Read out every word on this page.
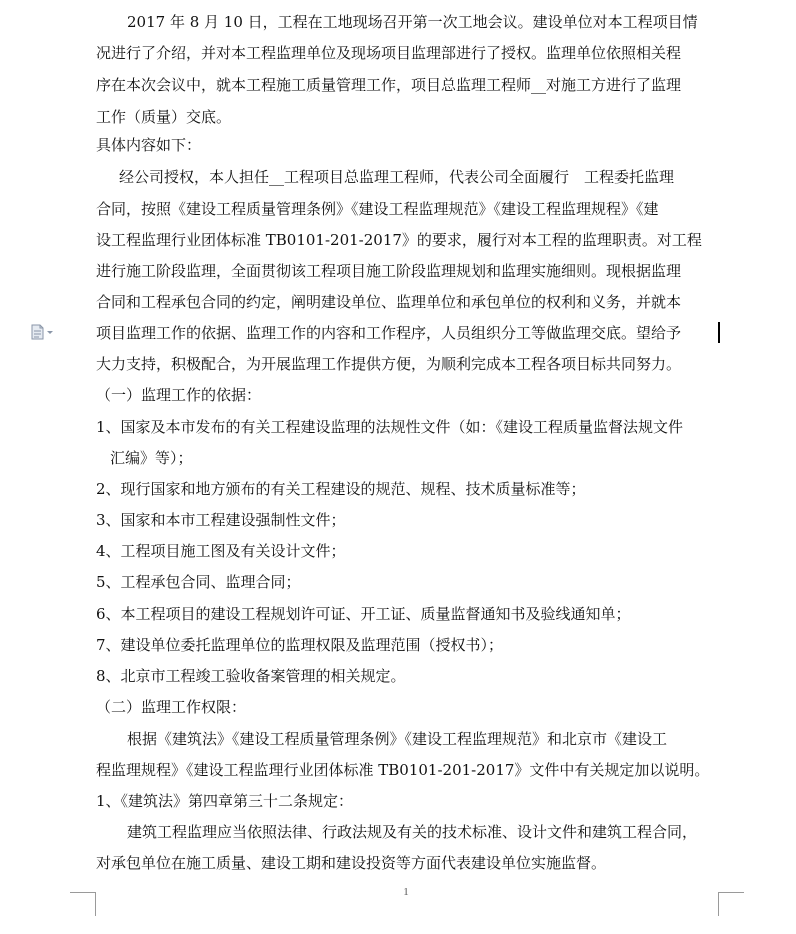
2017 年 8 月 10 日，工程在工地现场召开第一次工地会议。建设单位对本工程项目情
况进行了介绍，并对本工程监理单位及现场项目监理部进行了授权。监理单位依照相关程
序在本次会议中，就本工程施工质量管理工作，项目总监理工程师__对施工方进行了监理
工作（质量）交底。
具体内容如下：
经公司授权，本人担任__工程项目总监理工程师，代表公司全面履行　工程委托监理
合同，按照《建设工程质量管理条例》《建设工程监理规范》《建设工程监理规程》《建
设工程监理行业团体标准 TB0101-201-2017》的要求，履行对本工程的监理职责。对工程
进行施工阶段监理，全面贯彻该工程项目施工阶段监理规划和监理实施细则。现根据监理
合同和工程承包合同的约定，阐明建设单位、监理单位和承包单位的权利和义务，并就本
项目监理工作的依据、监理工作的内容和工作程序，人员组织分工等做监理交底。望给予
大力支持，积极配合，为开展监理工作提供方便，为顺利完成本工程各项目标共同努力。
（一）监理工作的依据：
1、国家及本市发布的有关工程建设监理的法规性文件（如：《建设工程质量监督法规文件
汇编》等）；
2、现行国家和地方颁布的有关工程建设的规范、规程、技术质量标准等；
3、国家和本市工程建设强制性文件；
4、工程项目施工图及有关设计文件；
5、工程承包合同、监理合同；
6、本工程项目的建设工程规划许可证、开工证、质量监督通知书及验线通知单；
7、建设单位委托监理单位的监理权限及监理范围（授权书）；
8、北京市工程竣工验收备案管理的相关规定。
（二）监理工作权限：
根据《建筑法》《建设工程质量管理条例》《建设工程监理规范》和北京市《建设工
程监理规程》《建设工程监理行业团体标准 TB0101-201-2017》文件中有关规定加以说明。
1、《建筑法》第四章第三十二条规定：
建筑工程监理应当依照法律、行政法规及有关的技术标准、设计文件和建筑工程合同，
对承包单位在施工质量、建设工期和建设投资等方面代表建设单位实施监督。
1
